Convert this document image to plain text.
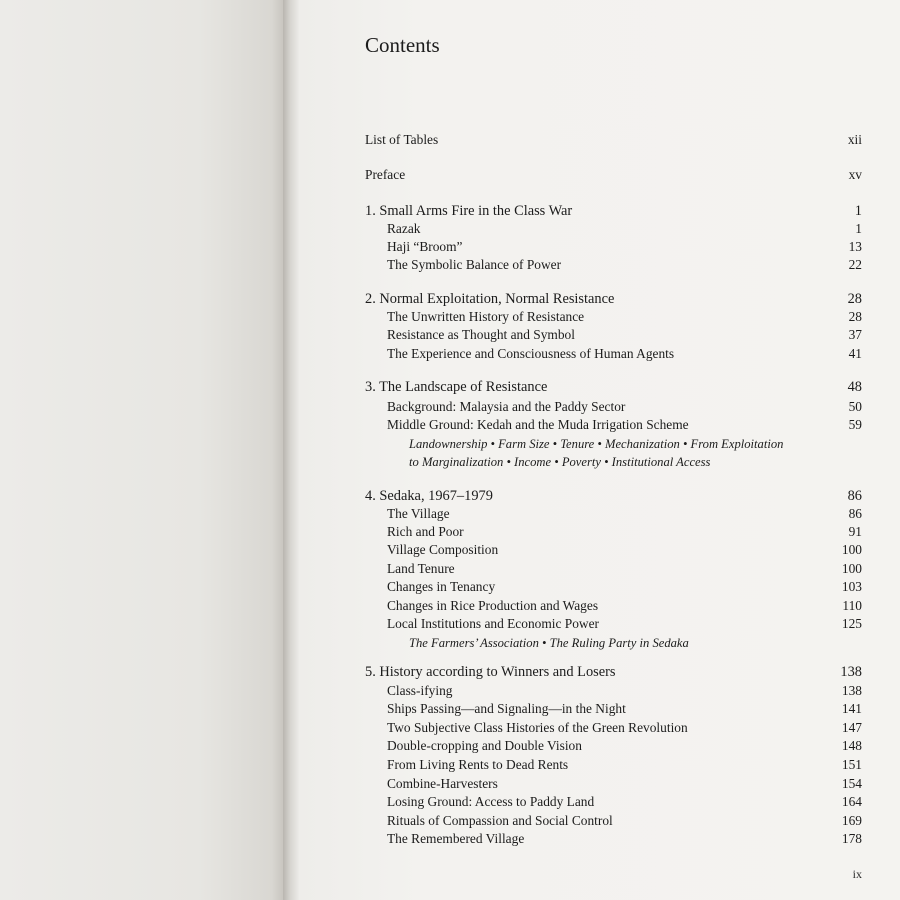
Contents
List of Tables	xii
Preface	xv
1. Small Arms Fire in the Class War	1
Razak	1
Haji “Broom”	13
The Symbolic Balance of Power	22
2. Normal Exploitation, Normal Resistance	28
The Unwritten History of Resistance	28
Resistance as Thought and Symbol	37
The Experience and Consciousness of Human Agents	41
3. The Landscape of Resistance	48
Background: Malaysia and the Paddy Sector	50
Middle Ground: Kedah and the Muda Irrigation Scheme	59
Landownership • Farm Size • Tenure • Mechanization • From Exploitation
to Marginalization • Income • Poverty • Institutional Access
4. Sedaka, 1967–1979	86
The Village	86
Rich and Poor	91
Village Composition	100
Land Tenure	100
Changes in Tenancy	103
Changes in Rice Production and Wages	110
Local Institutions and Economic Power	125
The Farmers’ Association • The Ruling Party in Sedaka
5. History according to Winners and Losers	138
Class-ifying	138
Ships Passing—and Signaling—in the Night	141
Two Subjective Class Histories of the Green Revolution	147
Double-cropping and Double Vision	148
From Living Rents to Dead Rents	151
Combine-Harvesters	154
Losing Ground: Access to Paddy Land	164
Rituals of Compassion and Social Control	169
The Remembered Village	178
ix
